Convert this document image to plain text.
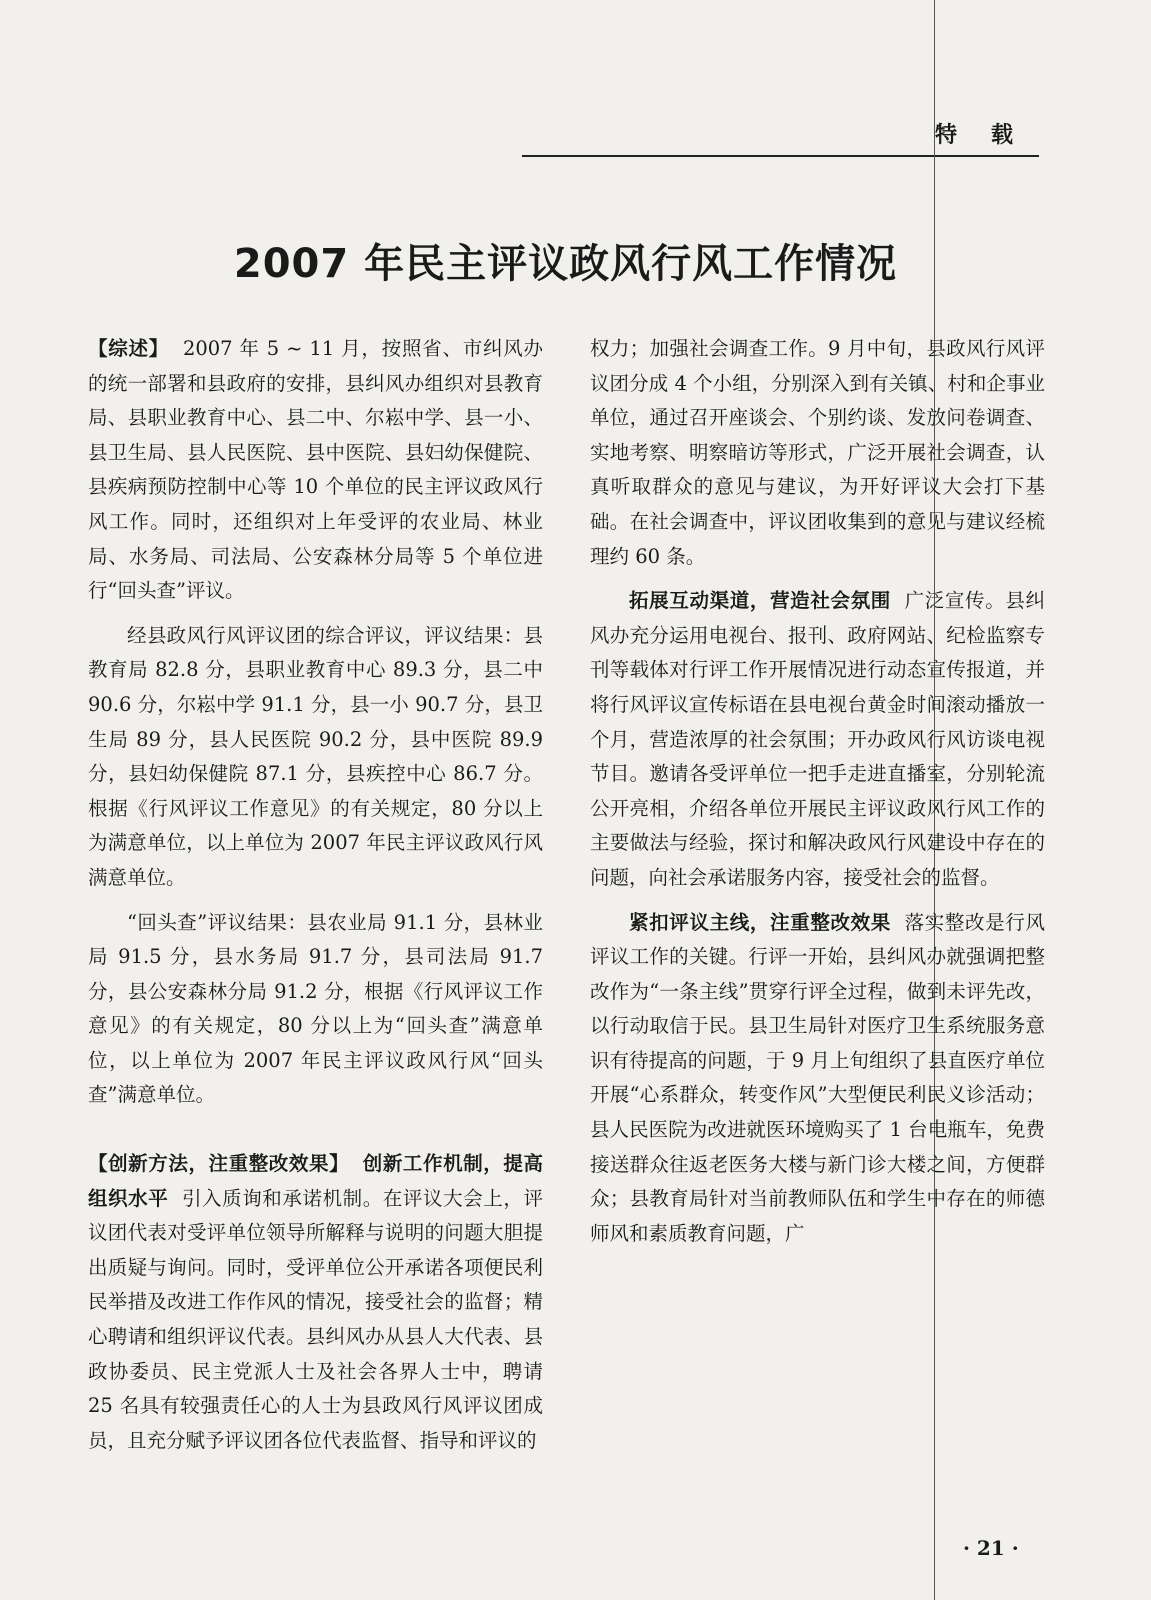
特载
2007 年民主评议政风行风工作情况

【综述】 2007 年 5 ~ 11 月，按照省、市纠风办的统一部署和县政府的安排，县纠风办组织对县教育局、县职业教育中心、县二中、尔崧中学、县一小、县卫生局、县人民医院、县中医院、县妇幼保健院、县疾病预防控制中心等 10 个单位的民主评议政风行风工作。同时，还组织对上年受评的农业局、林业局、水务局、司法局、公安森林分局等 5 个单位进行“回头查”评议。

经县政风行风评议团的综合评议，评议结果：县教育局 82.8 分，县职业教育中心 89.3 分，县二中 90.6 分，尔崧中学 91.1 分，县一小 90.7 分，县卫生局 89 分，县人民医院 90.2 分，县中医院 89.9 分，县妇幼保健院 87.1 分，县疾控中心 86.7 分。根据《行风评议工作意见》的有关规定，80 分以上为满意单位，以上单位为 2007 年民主评议政风行风满意单位。

“回头查”评议结果：县农业局 91.1 分，县林业局 91.5 分，县水务局 91.7 分，县司法局 91.7 分，县公安森林分局 91.2 分，根据《行风评议工作意见》的有关规定，80 分以上为“回头查”满意单位，以上单位为 2007 年民主评议政风行风“回头查”满意单位。

【创新方法，注重整改效果】 创新工作机制，提高组织水平 引入质询和承诺机制。在评议大会上，评议团代表对受评单位领导所解释与说明的问题大胆提出质疑与询问。同时，受评单位公开承诺各项便民利民举措及改进工作作风的情况，接受社会的监督；精心聘请和组织评议代表。县纠风办从县人大代表、县政协委员、民主党派人士及社会各界人士中，聘请 25 名具有较强责任心的人士为县政风行风评议团成员，且充分赋予评议团各位代表监督、指导和评议的

权力；加强社会调查工作。9 月中旬，县政风行风评议团分成 4 个小组，分别深入到有关镇、村和企事业单位，通过召开座谈会、个别约谈、发放问卷调查、实地考察、明察暗访等形式，广泛开展社会调查，认真听取群众的意见与建议，为开好评议大会打下基础。在社会调查中，评议团收集到的意见与建议经梳理约 60 条。

拓展互动渠道，营造社会氛围 广泛宣传。县纠风办充分运用电视台、报刊、政府网站、纪检监察专刊等载体对行评工作开展情况进行动态宣传报道，并将行风评议宣传标语在县电视台黄金时间滚动播放一个月，营造浓厚的社会氛围；开办政风行风访谈电视节目。邀请各受评单位一把手走进直播室，分别轮流公开亮相，介绍各单位开展民主评议政风行风工作的主要做法与经验，探讨和解决政风行风建设中存在的问题，向社会承诺服务内容，接受社会的监督。

紧扣评议主线，注重整改效果 落实整改是行风评议工作的关键。行评一开始，县纠风办就强调把整改作为“一条主线”贯穿行评全过程，做到未评先改，以行动取信于民。县卫生局针对医疗卫生系统服务意识有待提高的问题，于 9 月上旬组织了县直医疗单位开展“心系群众，转变作风”大型便民利民义诊活动；县人民医院为改进就医环境购买了 1 台电瓶车，免费接送群众往返老医务大楼与新门诊大楼之间，方便群众；县教育局针对当前教师队伍和学生中存在的师德师风和素质教育问题，广

· 21 ·
